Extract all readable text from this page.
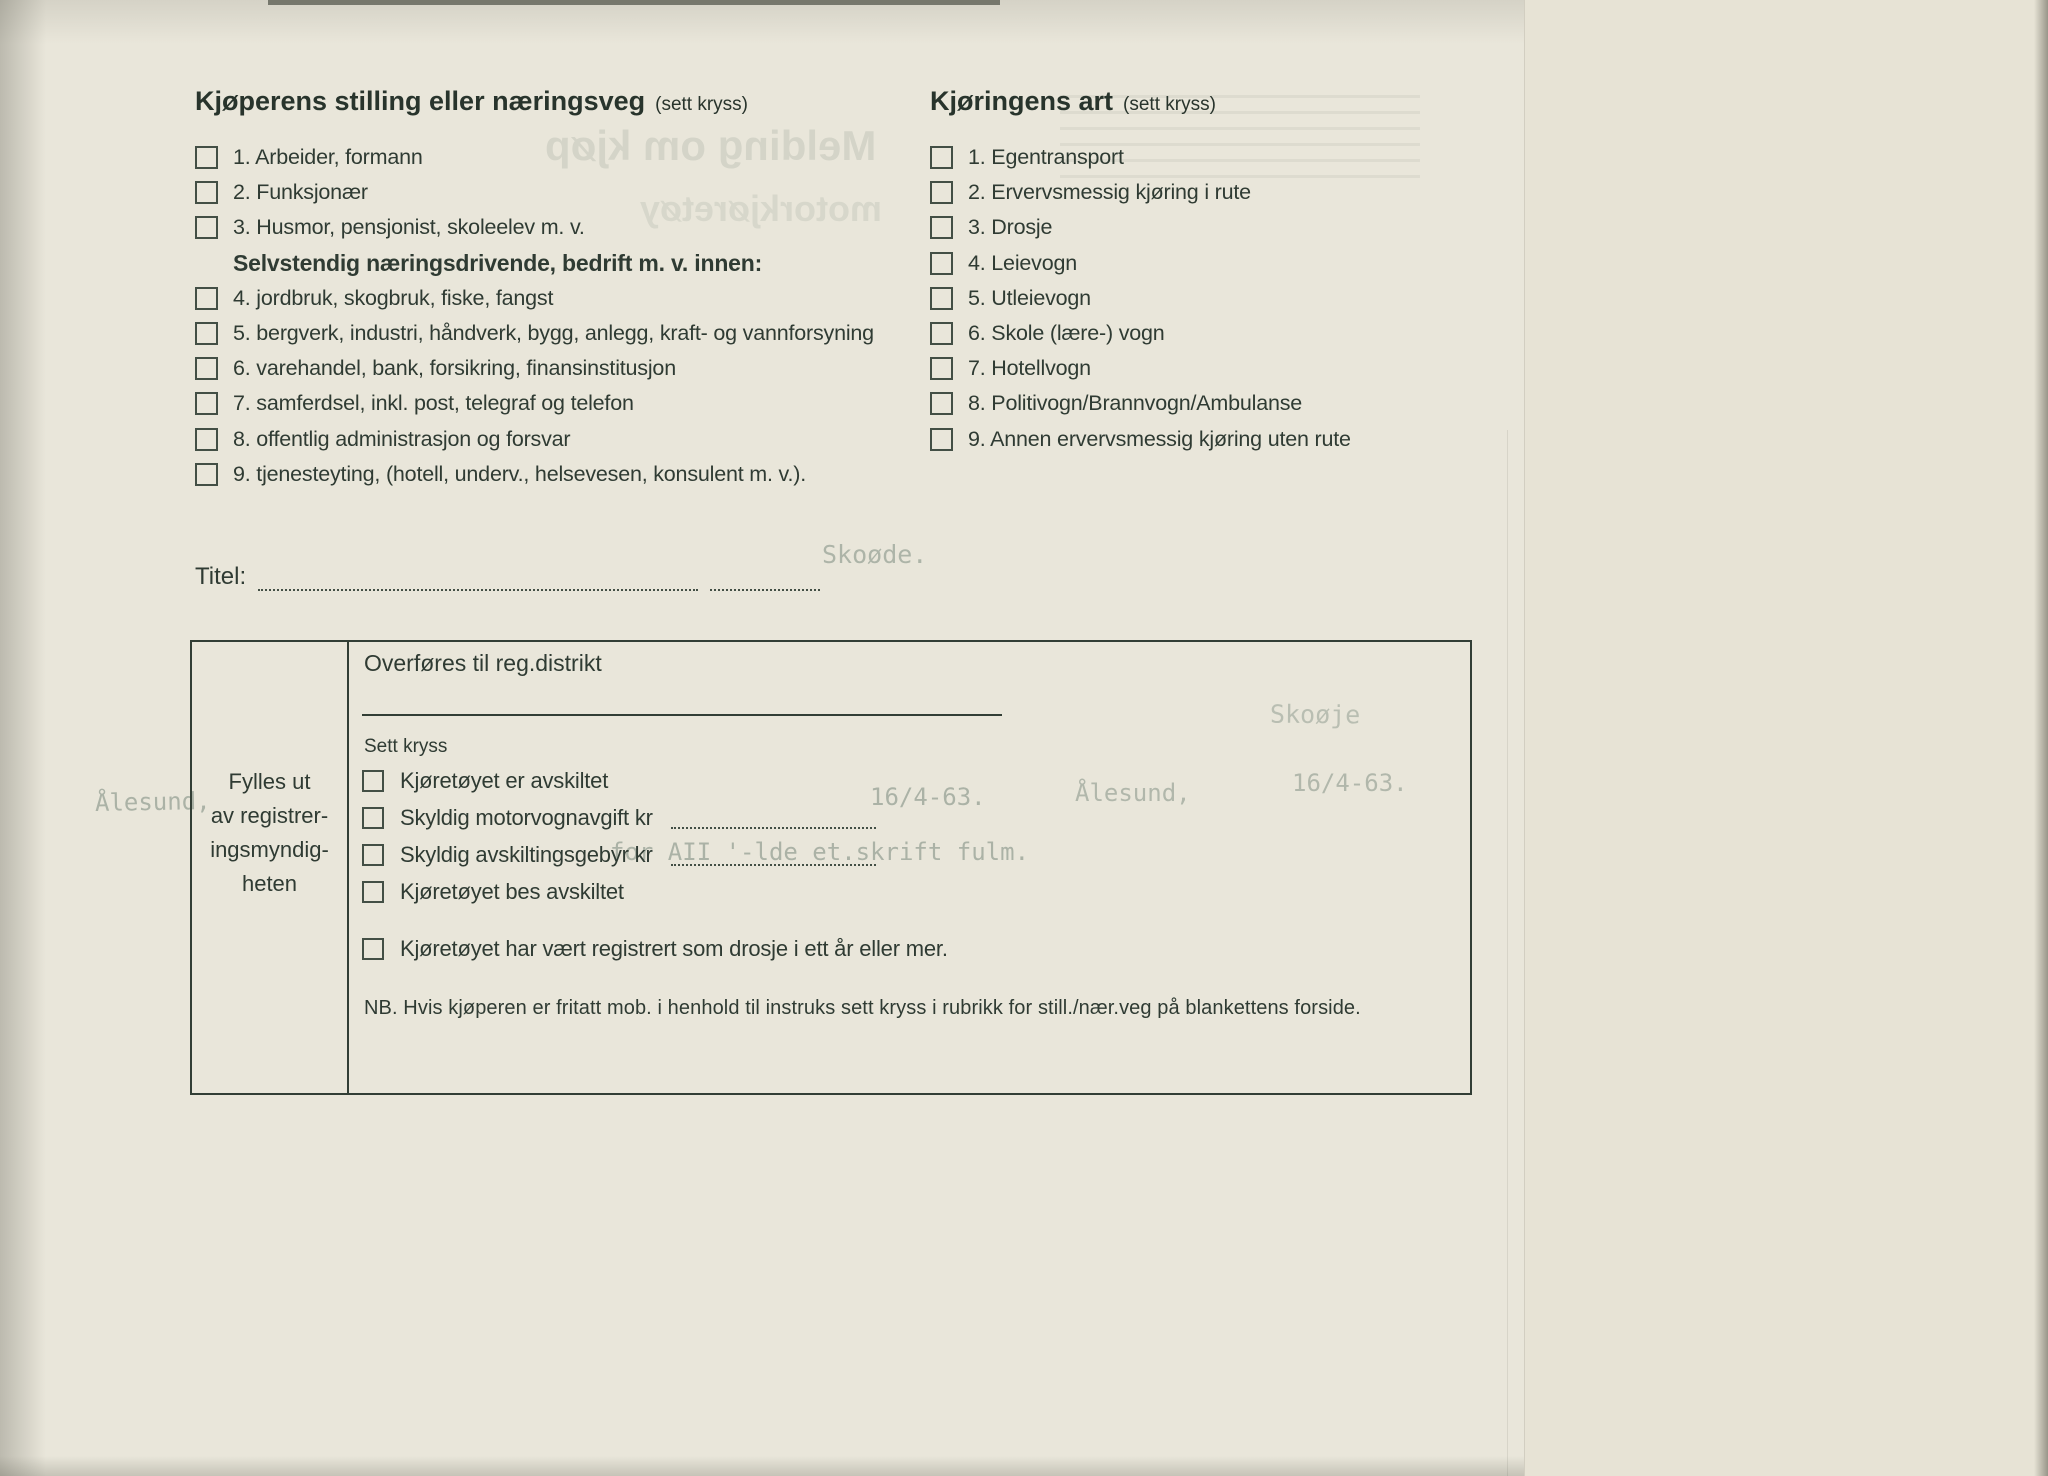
Melding om kjøp
motorkjøretøy
Skoøde.
Skoøje
Ålesund,	16/4-63.	Ålesund,	16/4-63.
for AII '-lde et.skrift fulm.
Kjøperens stilling eller næringsveg (sett kryss)	Kjøringens art (sett kryss)
1. Arbeider, formann
2. Funksjonær
3. Husmor, pensjonist, skoleelev m. v.
Selvstendig næringsdrivende, bedrift m. v. innen:
4. jordbruk, skogbruk, fiske, fangst
5. bergverk, industri, håndverk, bygg, anlegg, kraft- og vannforsyning
6. varehandel, bank, forsikring, finansinstitusjon
7. samferdsel, inkl. post, telegraf og telefon
8. offentlig administrasjon og forsvar
9. tjenesteyting, (hotell, underv., helsevesen, konsulent m. v.).
1. Egentransport
2. Ervervsmessig kjøring i rute
3. Drosje
4. Leievogn
5. Utleievogn
6. Skole (lære-) vogn
7. Hotellvogn
8. Politivogn/Brannvogn/Ambulanse
9. Annen ervervsmessig kjøring uten rute
Titel:
Fylles ut
av registrer-
ingsmyndig-
heten
Overføres til reg.distrikt
Sett kryss
Kjøretøyet er avskiltet
Skyldig motorvognavgift kr
Skyldig avskiltingsgebyr kr
Kjøretøyet bes avskiltet
Kjøretøyet har vært registrert som drosje i ett år eller mer.
NB. Hvis kjøperen er fritatt mob. i henhold til instruks sett kryss i rubrikk for still./nær.veg på blankettens forside.
